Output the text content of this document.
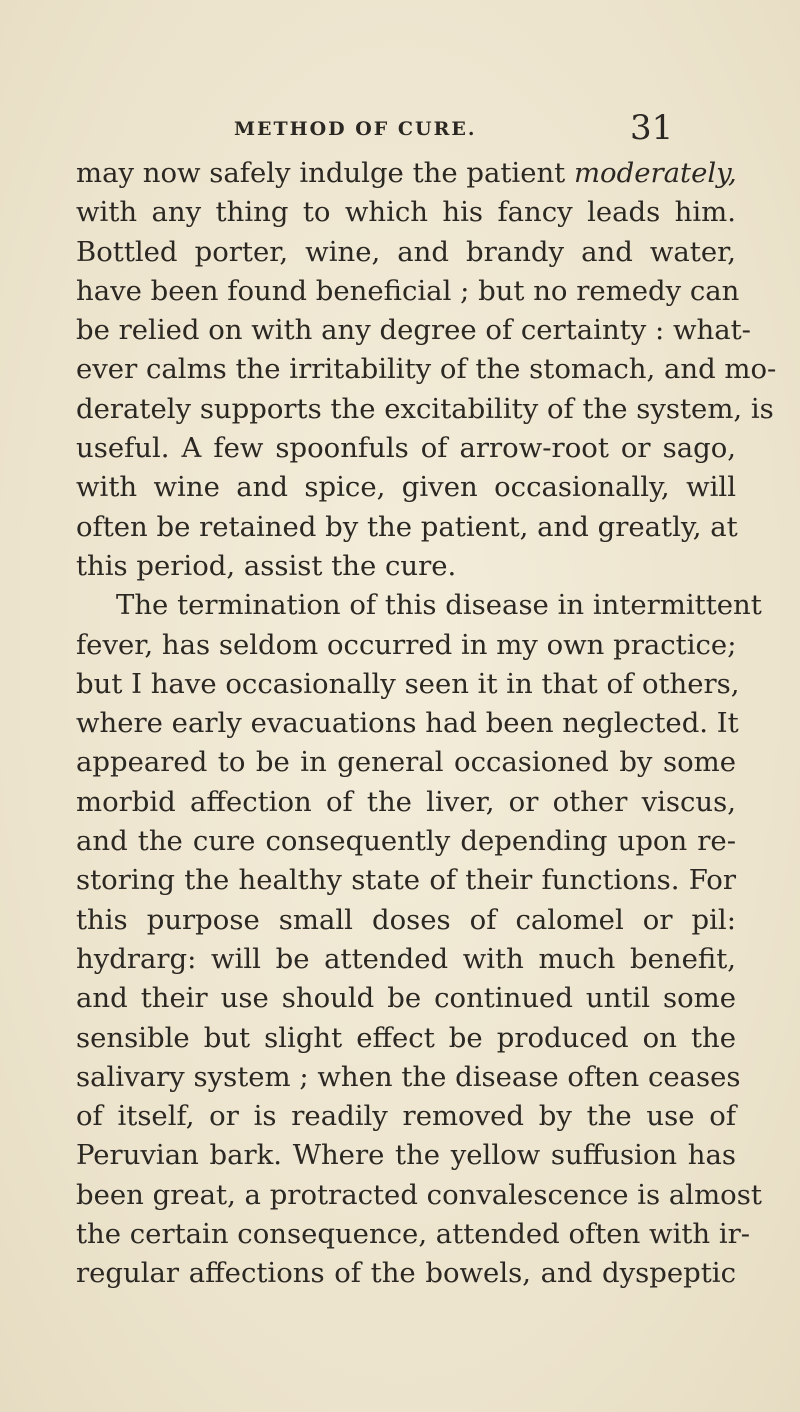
METHOD OF CURE.	31
may now safely indulge the patient moderately,
with any thing to which his fancy leads him.
Bottled porter, wine, and brandy and water,
have been found beneficial ; but no remedy can
be relied on with any degree of certainty : what-
ever calms the irritability of the stomach, and mo-
derately supports the excitability of the system, is
useful. A few spoonfuls of arrow-root or sago,
with wine and spice, given occasionally, will
often be retained by the patient, and greatly, at
this period, assist the cure.
The termination of this disease in intermittent
fever, has seldom occurred in my own practice;
but I have occasionally seen it in that of others,
where early evacuations had been neglected. It
appeared to be in general occasioned by some
morbid affection of the liver, or other viscus,
and the cure consequently depending upon re-
storing the healthy state of their functions. For
this purpose small doses of calomel or pil:
hydrarg: will be attended with much benefit,
and their use should be continued until some
sensible but slight effect be produced on the
salivary system ; when the disease often ceases
of itself, or is readily removed by the use of
Peruvian bark. Where the yellow suffusion has
been great, a protracted convalescence is almost
the certain consequence, attended often with ir-
regular affections of the bowels, and dyspeptic
